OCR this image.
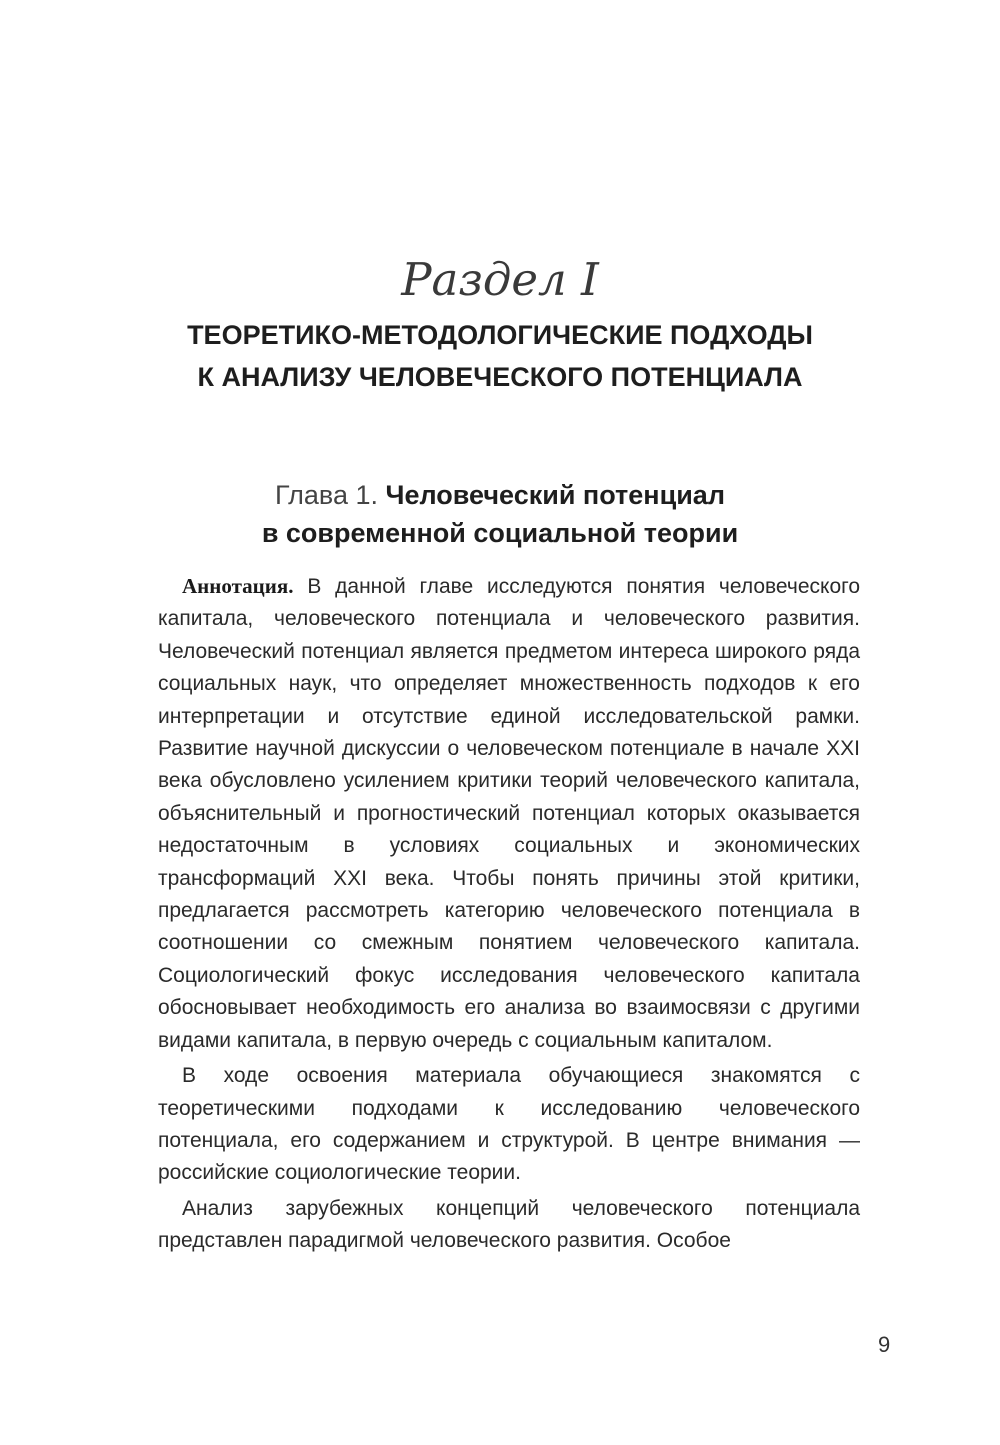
Раздел I
ТЕОРЕТИКО-МЕТОДОЛОГИЧЕСКИЕ ПОДХОДЫ
К АНАЛИЗУ ЧЕЛОВЕЧЕСКОГО ПОТЕНЦИАЛА
Глава 1. Человеческий потенциал
в современной социальной теории

Аннотация. В данной главе исследуются понятия человеческого капитала, человеческого потенциала и человеческого развития. Человеческий потенциал является предметом интереса широкого ряда социальных наук, что определяет множественность подходов к его интерпретации и отсутствие единой исследовательской рамки. Развитие научной дискуссии о человеческом потенциале в начале XXI века обусловлено усилением критики теорий человеческого капитала, объяснительный и прогностический потенциал которых оказывается недостаточным в условиях социальных и экономических трансформаций XXI века. Чтобы понять причины этой критики, предлагается рассмотреть категорию человеческого потенциала в соотношении со смежным понятием человеческого капитала. Социологический фокус исследования человеческого капитала обосновывает необходимость его анализа во взаимосвязи с другими видами капитала, в первую очередь с социальным капиталом.

В ходе освоения материала обучающиеся знакомятся с теоретическими подходами к исследованию человеческого потенциала, его содержанием и структурой. В центре внимания — российские социологические теории.

Анализ зарубежных концепций человеческого потенциала представлен парадигмой человеческого развития. Особое

9
